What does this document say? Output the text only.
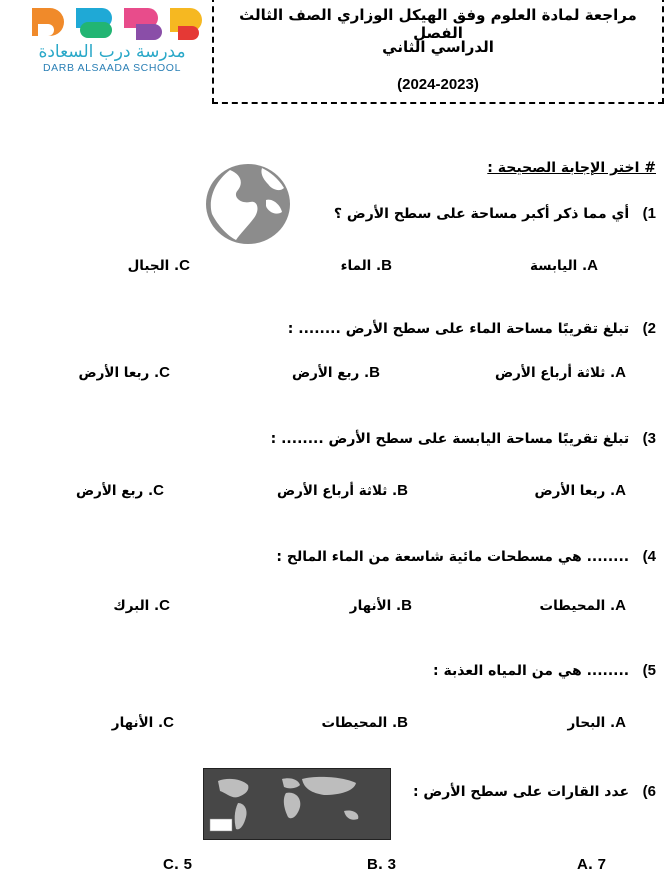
مدرسة درب السعادة
DARB ALSAADA SCHOOL
مراجعة لمادة العلوم وفق الهيكل الوزاري الصف الثالث الفصل
الدراسي الثاني
(2024-2023)
# اختر الإجابة الصحيحة :
1) أي مما ذكر أكبر مساحة على سطح الأرض ؟
A. اليابسة
B. الماء
C. الجبال
2) تبلغ تقريبًا مساحة الماء على سطح الأرض ........ :
A. ثلاثة أرباع الأرض
B. ربع الأرض
C. ربعا الأرض
3) تبلغ تقريبًا مساحة اليابسة على سطح الأرض ........ :
A. ربعا الأرض
B. ثلاثة أرباع الأرض
C. ربع الأرض
4) ........ هي مسطحات مائية شاسعة من الماء المالح :
A. المحيطات
B. الأنهار
C. البرك
5) ........ هي من المياه العذبة :
A. البحار
B. المحيطات
C. الأنهار
6) عدد القارات على سطح الأرض :
A. 7
B. 3
C. 5
